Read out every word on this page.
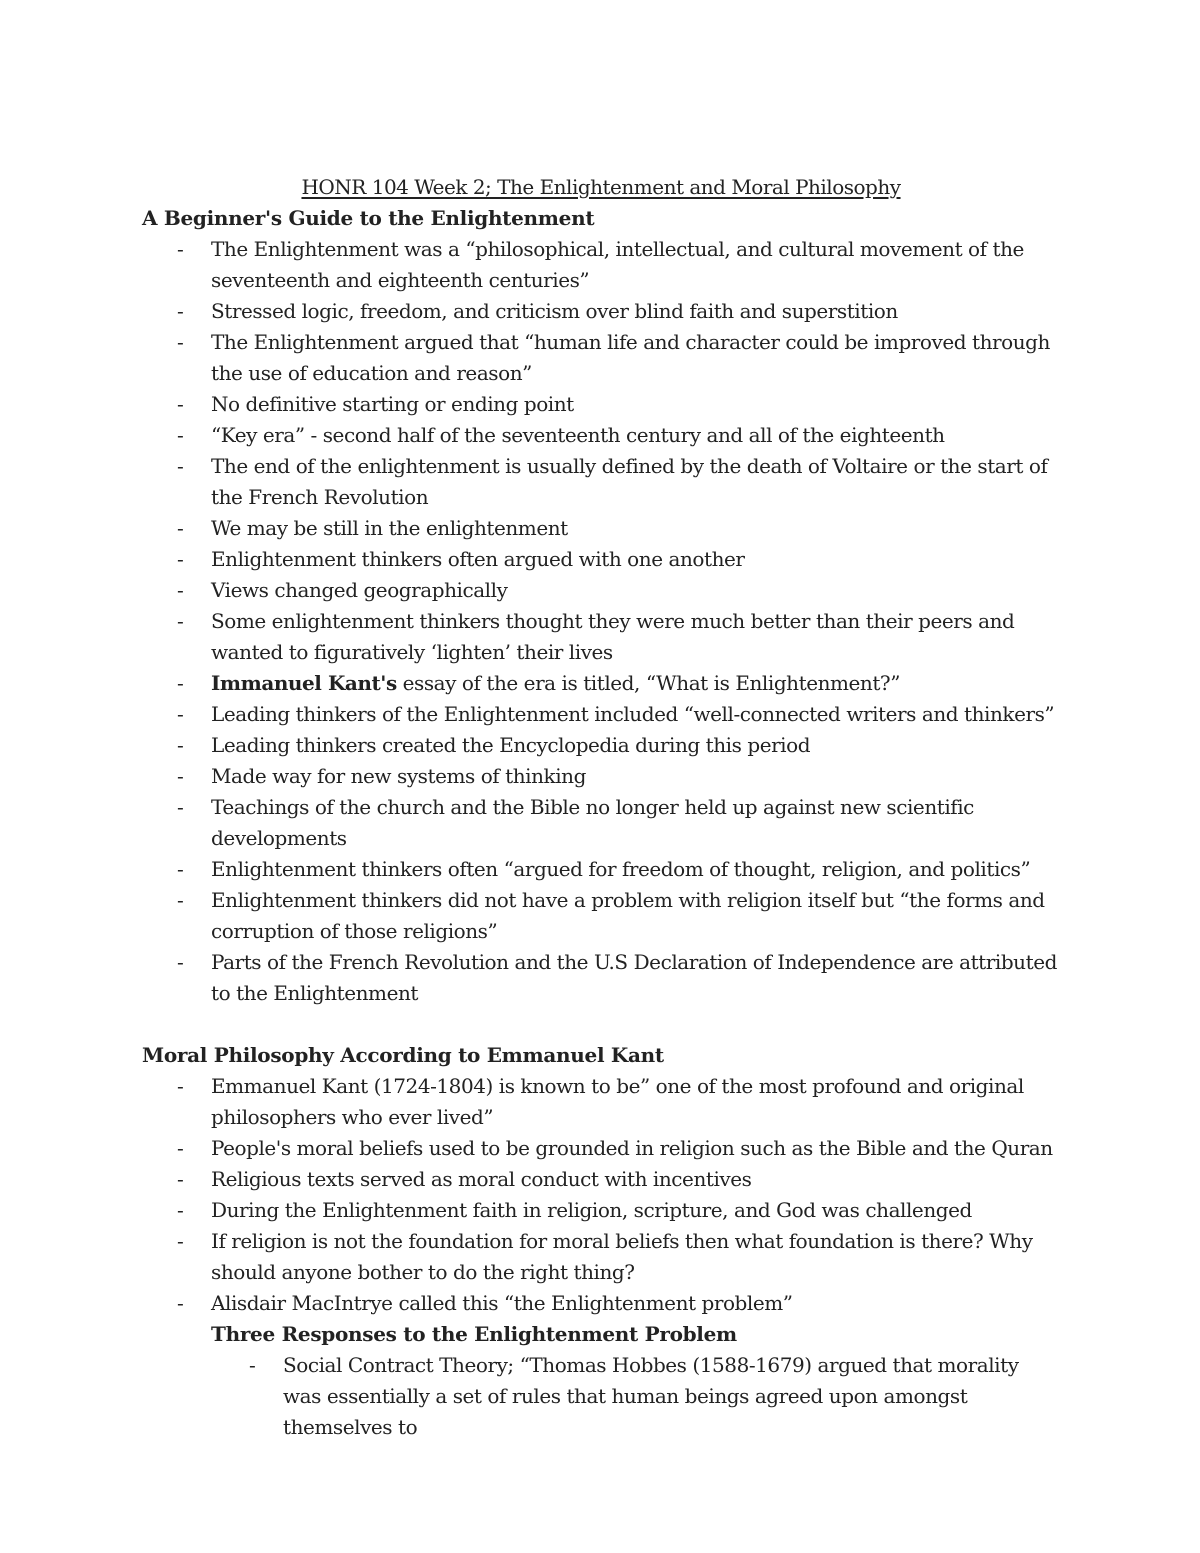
HONR 104 Week 2; The Enlightenment and Moral Philosophy

A Beginner's Guide to the Enlightenment

- The Enlightenment was a “philosophical, intellectual, and cultural movement of the seventeenth and eighteenth centuries”
- Stressed logic, freedom, and criticism over blind faith and superstition
- The Enlightenment argued that “human life and character could be improved through the use of education and reason”
- No definitive starting or ending point
- “Key era” - second half of the seventeenth century and all of the eighteenth
- The end of the enlightenment is usually defined by the death of Voltaire or the start of the French Revolution
- We may be still in the enlightenment
- Enlightenment thinkers often argued with one another
- Views changed geographically
- Some enlightenment thinkers thought they were much better than their peers and wanted to figuratively ‘lighten’ their lives
- Immanuel Kant's essay of the era is titled, “What is Enlightenment?”
- Leading thinkers of the Enlightenment included “well-connected writers and thinkers”
- Leading thinkers created the Encyclopedia during this period
- Made way for new systems of thinking
- Teachings of the church and the Bible no longer held up against new scientific developments
- Enlightenment thinkers often “argued for freedom of thought, religion, and politics”
- Enlightenment thinkers did not have a problem with religion itself but “the forms and corruption of those religions”
- Parts of the French Revolution and the U.S Declaration of Independence are attributed to the Enlightenment

Moral Philosophy According to Emmanuel Kant

- Emmanuel Kant (1724-1804) is known to be” one of the most profound and original philosophers who ever lived”
- People's moral beliefs used to be grounded in religion such as the Bible and the Quran
- Religious texts served as moral conduct with incentives
- During the Enlightenment faith in religion, scripture, and God was challenged
- If religion is not the foundation for moral beliefs then what foundation is there? Why should anyone bother to do the right thing?
- Alisdair MacIntrye called this “the Enlightenment problem”

Three Responses to the Enlightenment Problem

- Social Contract Theory; “Thomas Hobbes (1588-1679) argued that morality was essentially a set of rules that human beings agreed upon amongst themselves to
